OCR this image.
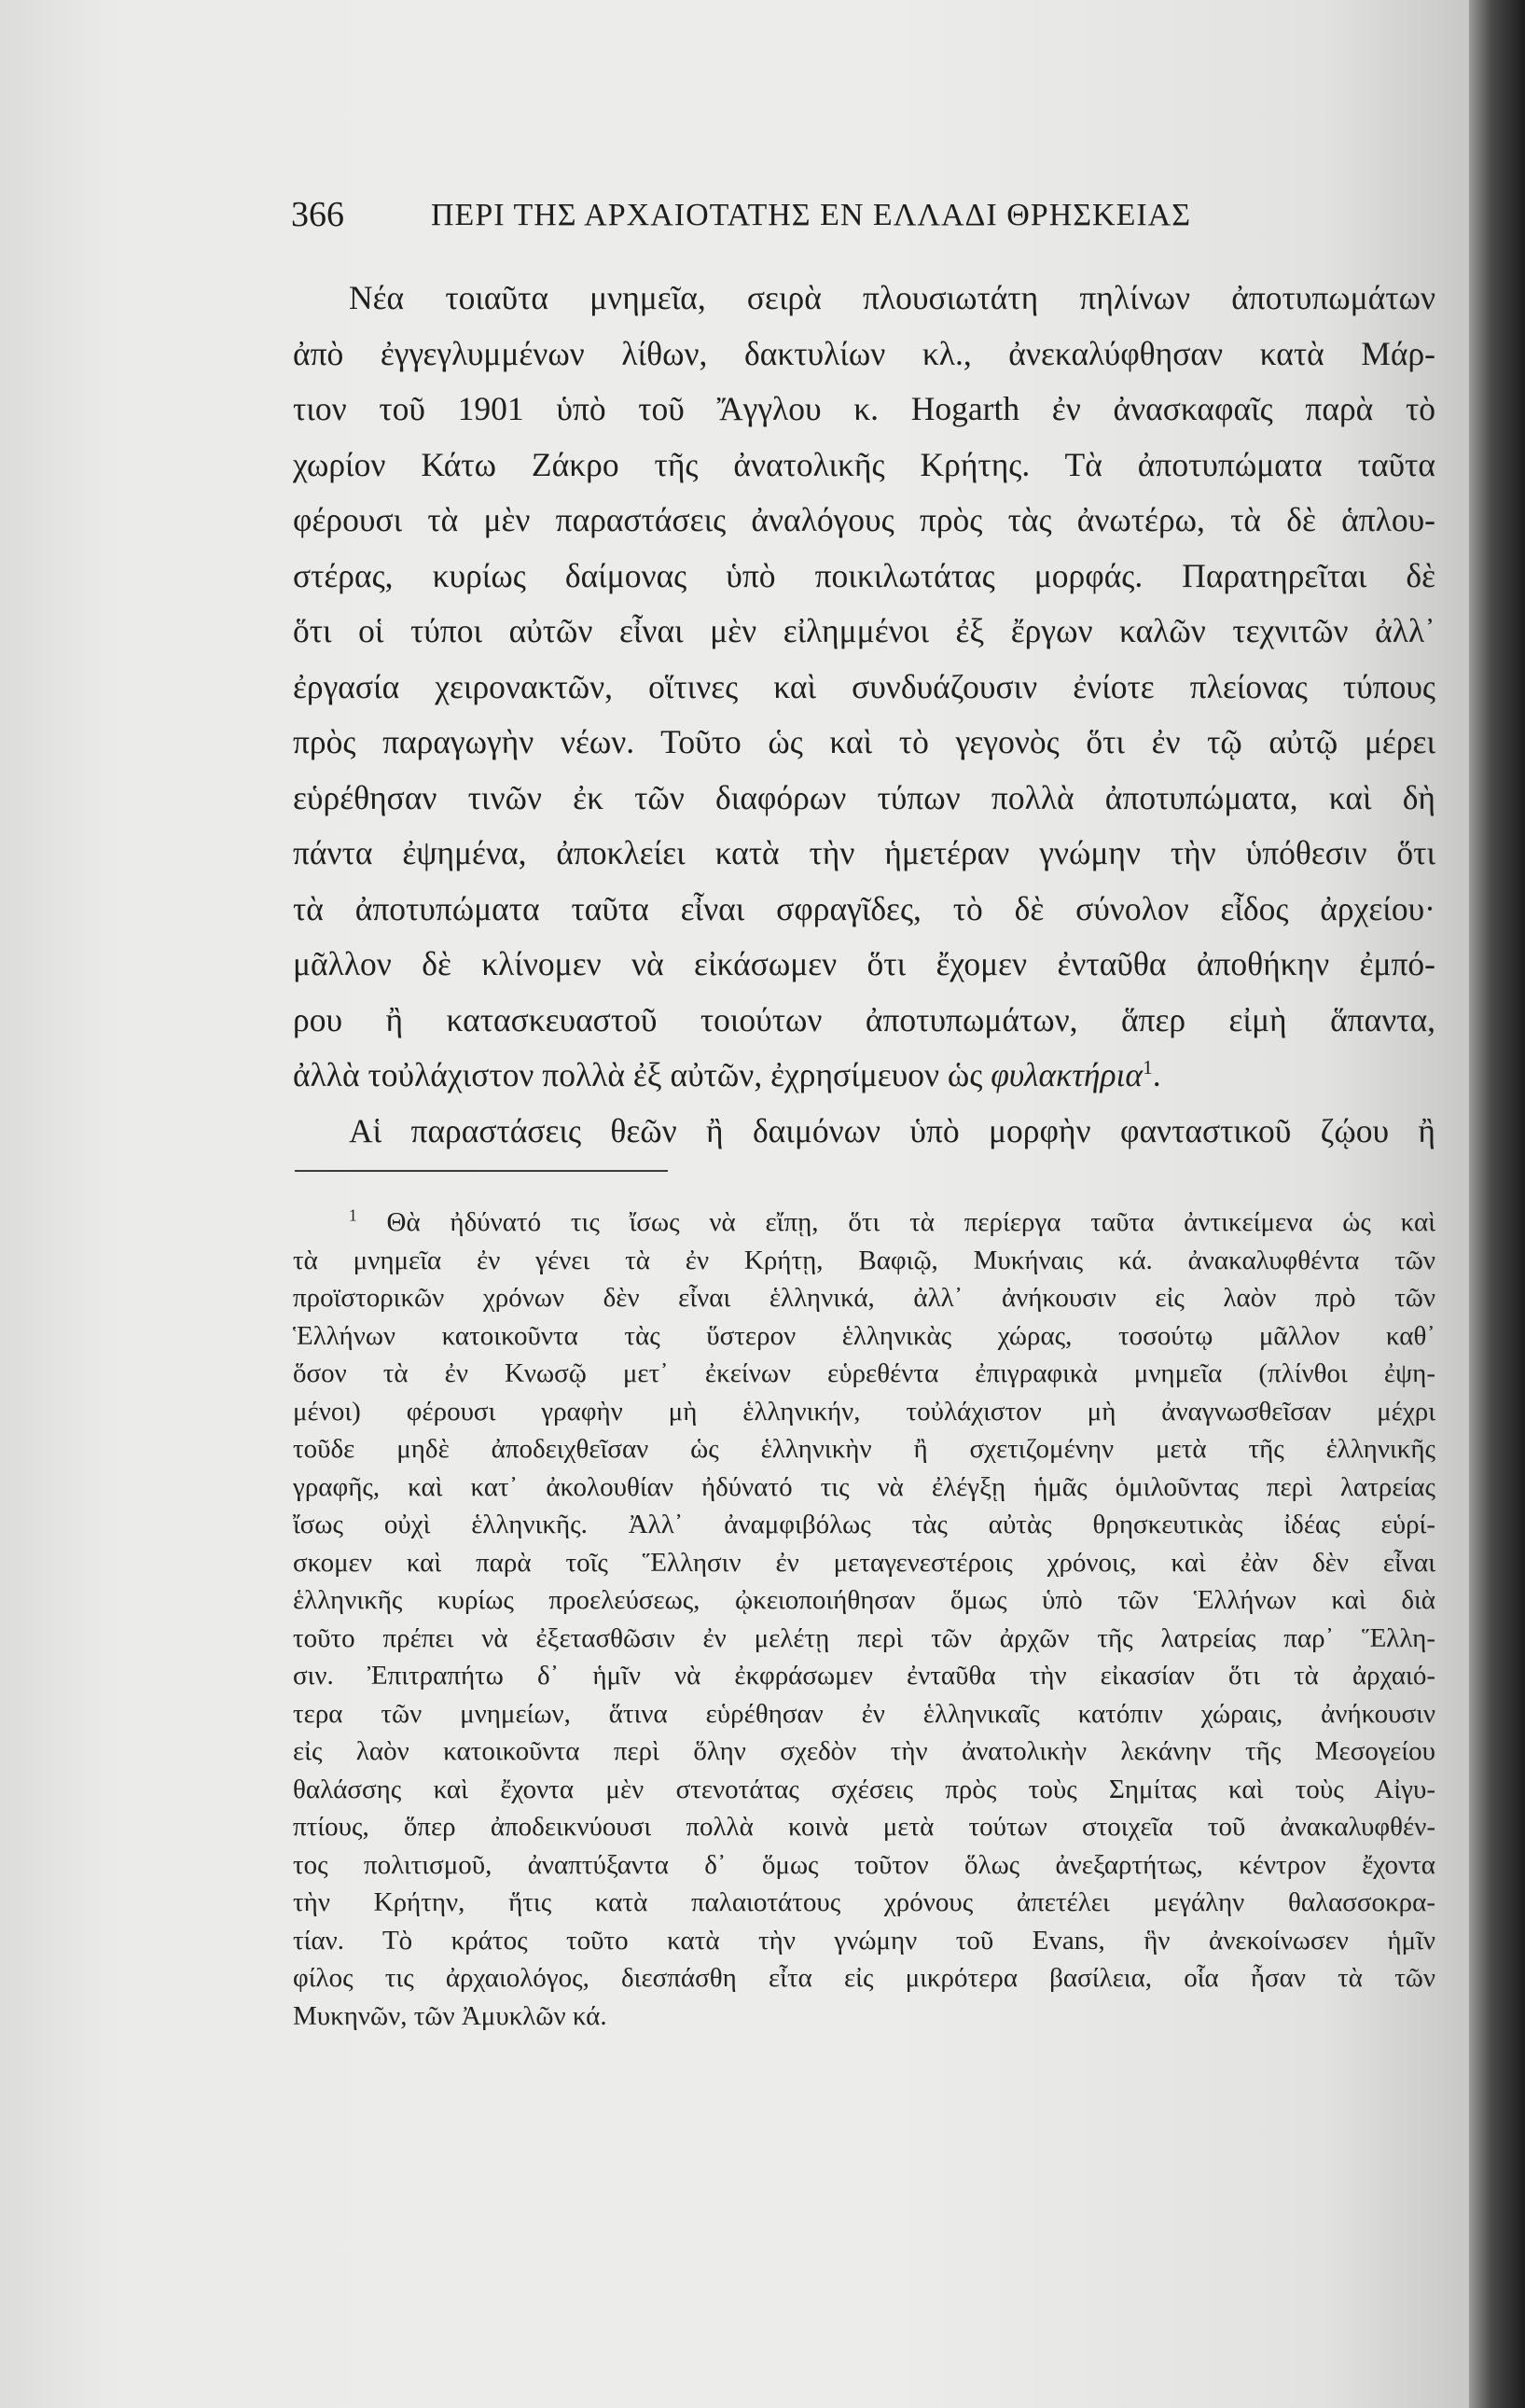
366	ΠΕΡΙ ΤΗΣ ΑΡΧΑΙΟΤΑΤΗΣ ΕΝ ΕΛΛΑΔΙ ΘΡΗΣΚΕΙΑΣ
Νέα τοιαῦτα μνημεῖα, σειρὰ πλουσιωτάτη πηλίνων ἀποτυπωμάτων
ἀπὸ ἐγγεγλυμμένων λίθων, δακτυλίων κλ., ἀνεκαλύφθησαν κατὰ Μάρ-
τιον τοῦ 1901 ὑπὸ τοῦ Ἄγγλου κ. Hogarth ἐν ἀνασκαφαῖς παρὰ τὸ
χωρίον Κάτω Ζάκρο τῆς ἀνατολικῆς Κρήτης. Τὰ ἀποτυπώματα ταῦτα
φέρουσι τὰ μὲν παραστάσεις ἀναλόγους πρὸς τὰς ἀνωτέρω, τὰ δὲ ἁπλου-
στέρας, κυρίως δαίμονας ὑπὸ ποικιλωτάτας μορφάς. Παρατηρεῖται δὲ
ὅτι οἱ τύποι αὐτῶν εἶναι μὲν εἰλημμένοι ἐξ ἔργων καλῶν τεχνιτῶν ἀλλ᾽
ἐργασία χειρονακτῶν, οἵτινες καὶ συνδυάζουσιν ἐνίοτε πλείονας τύπους
πρὸς παραγωγὴν νέων. Τοῦτο ὡς καὶ τὸ γεγονὸς ὅτι ἐν τῷ αὐτῷ μέρει
εὑρέθησαν τινῶν ἐκ τῶν διαφόρων τύπων πολλὰ ἀποτυπώματα, καὶ δὴ
πάντα ἐψημένα, ἀποκλείει κατὰ τὴν ἡμετέραν γνώμην τὴν ὑπόθεσιν ὅτι
τὰ ἀποτυπώματα ταῦτα εἶναι σφραγῖδες, τὸ δὲ σύνολον εἶδος ἀρχείου·
μᾶλλον δὲ κλίνομεν νὰ εἰκάσωμεν ὅτι ἔχομεν ἐνταῦθα ἀποθήκην ἐμπό-
ρου ἢ κατασκευαστοῦ τοιούτων ἀποτυπωμάτων, ἅπερ εἰμὴ ἅπαντα,
ἀλλὰ τοὐλάχιστον πολλὰ ἐξ αὐτῶν, ἐχρησίμευον ὡς φυλακτήρια$^1$.
Αἱ παραστάσεις θεῶν ἢ δαιμόνων ὑπὸ μορφὴν φανταστικοῦ ζῴου ἢ
$^1$ Θὰ ἠδύνατό τις ἴσως νὰ εἴπῃ, ὅτι τὰ περίεργα ταῦτα ἀντικείμενα ὡς καὶ
τὰ μνημεῖα ἐν γένει τὰ ἐν Κρήτῃ, Βαφιῷ, Μυκήναις κά. ἀνακαλυφθέντα τῶν
προϊστορικῶν χρόνων δὲν εἶναι ἑλληνικά, ἀλλ᾽ ἀνήκουσιν εἰς λαὸν πρὸ τῶν
Ἑλλήνων κατοικοῦντα τὰς ὕστερον ἑλληνικὰς χώρας, τοσούτῳ μᾶλλον καθ᾽
ὅσον τὰ ἐν Κνωσῷ μετ᾽ ἐκείνων εὑρεθέντα ἐπιγραφικὰ μνημεῖα (πλίνθοι ἐψη-
μένοι) φέρουσι γραφὴν μὴ ἑλληνικήν, τοὐλάχιστον μὴ ἀναγνωσθεῖσαν μέχρι
τοῦδε μηδὲ ἀποδειχθεῖσαν ὡς ἑλληνικὴν ἢ σχετιζομένην μετὰ τῆς ἑλληνικῆς
γραφῆς, καὶ κατ᾽ ἀκολουθίαν ἠδύνατό τις νὰ ἐλέγξῃ ἡμᾶς ὁμιλοῦντας περὶ λατρείας
ἴσως οὐχὶ ἑλληνικῆς. Ἀλλ᾽ ἀναμφιβόλως τὰς αὐτὰς θρησκευτικὰς ἰδέας εὑρί-
σκομεν καὶ παρὰ τοῖς Ἕλλησιν ἐν μεταγενεστέροις χρόνοις, καὶ ἐὰν δὲν εἶναι
ἑλληνικῆς κυρίως προελεύσεως, ᾠκειοποιήθησαν ὅμως ὑπὸ τῶν Ἑλλήνων καὶ διὰ
τοῦτο πρέπει νὰ ἐξετασθῶσιν ἐν μελέτῃ περὶ τῶν ἀρχῶν τῆς λατρείας παρ᾽ Ἕλλη-
σιν. Ἐπιτραπήτω δ᾽ ἡμῖν νὰ ἐκφράσωμεν ἐνταῦθα τὴν εἰκασίαν ὅτι τὰ ἀρχαιό-
τερα τῶν μνημείων, ἅτινα εὑρέθησαν ἐν ἑλληνικαῖς κατόπιν χώραις, ἀνήκουσιν
εἰς λαὸν κατοικοῦντα περὶ ὅλην σχεδὸν τὴν ἀνατολικὴν λεκάνην τῆς Μεσογείου
θαλάσσης καὶ ἔχοντα μὲν στενοτάτας σχέσεις πρὸς τοὺς Σημίτας καὶ τοὺς Αἰγυ-
πτίους, ὅπερ ἀποδεικνύουσι πολλὰ κοινὰ μετὰ τούτων στοιχεῖα τοῦ ἀνακαλυφθέν-
τος πολιτισμοῦ, ἀναπτύξαντα δ᾽ ὅμως τοῦτον ὅλως ἀνεξαρτήτως, κέντρον ἔχοντα
τὴν Κρήτην, ἥτις κατὰ παλαιοτάτους χρόνους ἀπετέλει μεγάλην θαλασσοκρα-
τίαν. Τὸ κράτος τοῦτο κατὰ τὴν γνώμην τοῦ Evans, ἣν ἀνεκοίνωσεν ἡμῖν
φίλος τις ἀρχαιολόγος, διεσπάσθη εἶτα εἰς μικρότερα βασίλεια, οἷα ἦσαν τὰ τῶν
Μυκηνῶν, τῶν Ἀμυκλῶν κά.
